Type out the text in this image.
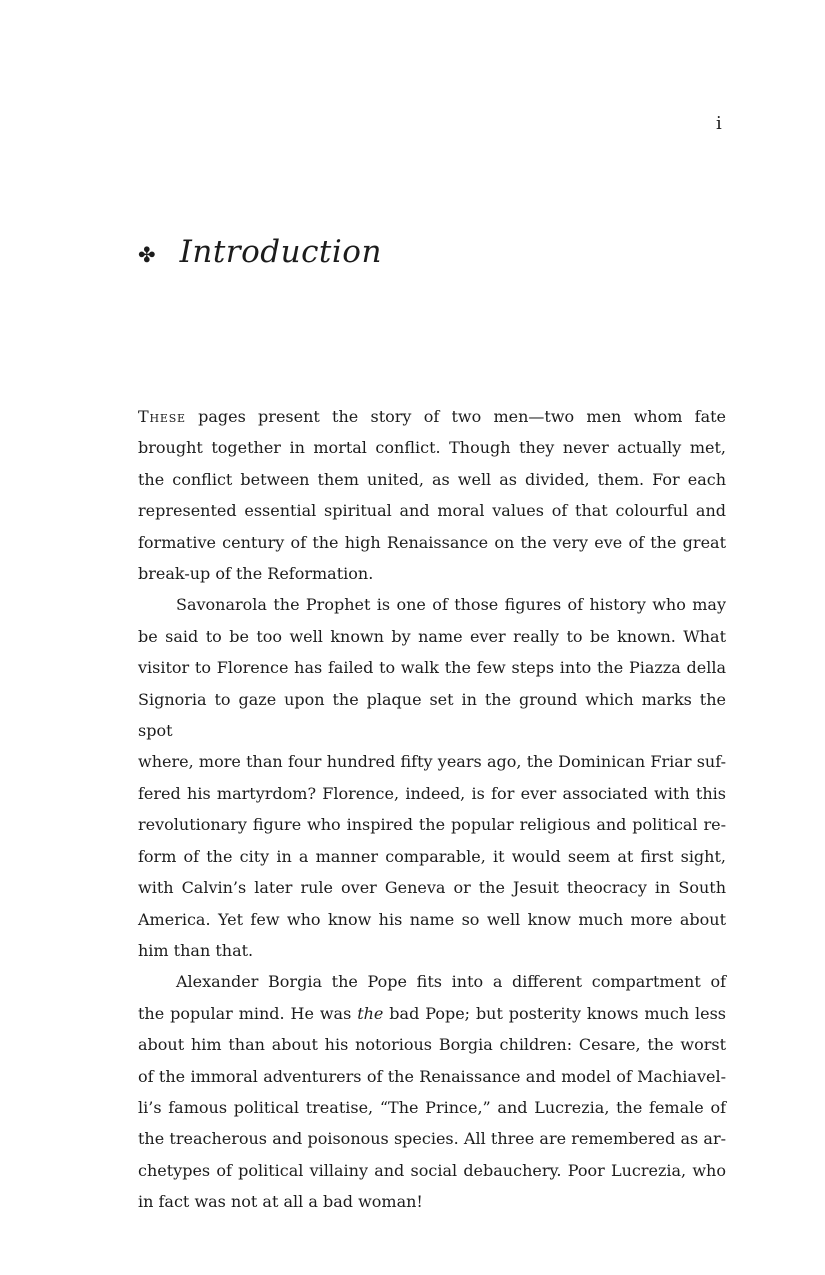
i
✤ Introduction
These pages present the story of two men—two men whom fate
brought together in mortal conflict. Though they never actually met,
the conflict between them united, as well as divided, them. For each
represented essential spiritual and moral values of that colourful and
formative century of the high Renaissance on the very eve of the great
break-up of the Reformation.
Savonarola the Prophet is one of those figures of history who may
be said to be too well known by name ever really to be known. What
visitor to Florence has failed to walk the few steps into the Piazza della
Signoria to gaze upon the plaque set in the ground which marks the spot
where, more than four hundred fifty years ago, the Dominican Friar suf-
fered his martyrdom? Florence, indeed, is for ever associated with this
revolutionary figure who inspired the popular religious and political re-
form of the city in a manner comparable, it would seem at first sight,
with Calvin’s later rule over Geneva or the Jesuit theocracy in South
America. Yet few who know his name so well know much more about
him than that.
Alexander Borgia the Pope fits into a different compartment of
the popular mind. He was the bad Pope; but posterity knows much less
about him than about his notorious Borgia children: Cesare, the worst
of the immoral adventurers of the Renaissance and model of Machiavel-
li’s famous political treatise, “The Prince,” and Lucrezia, the female of
the treacherous and poisonous species. All three are remembered as ar-
chetypes of political villainy and social debauchery. Poor Lucrezia, who
in fact was not at all a bad woman!
